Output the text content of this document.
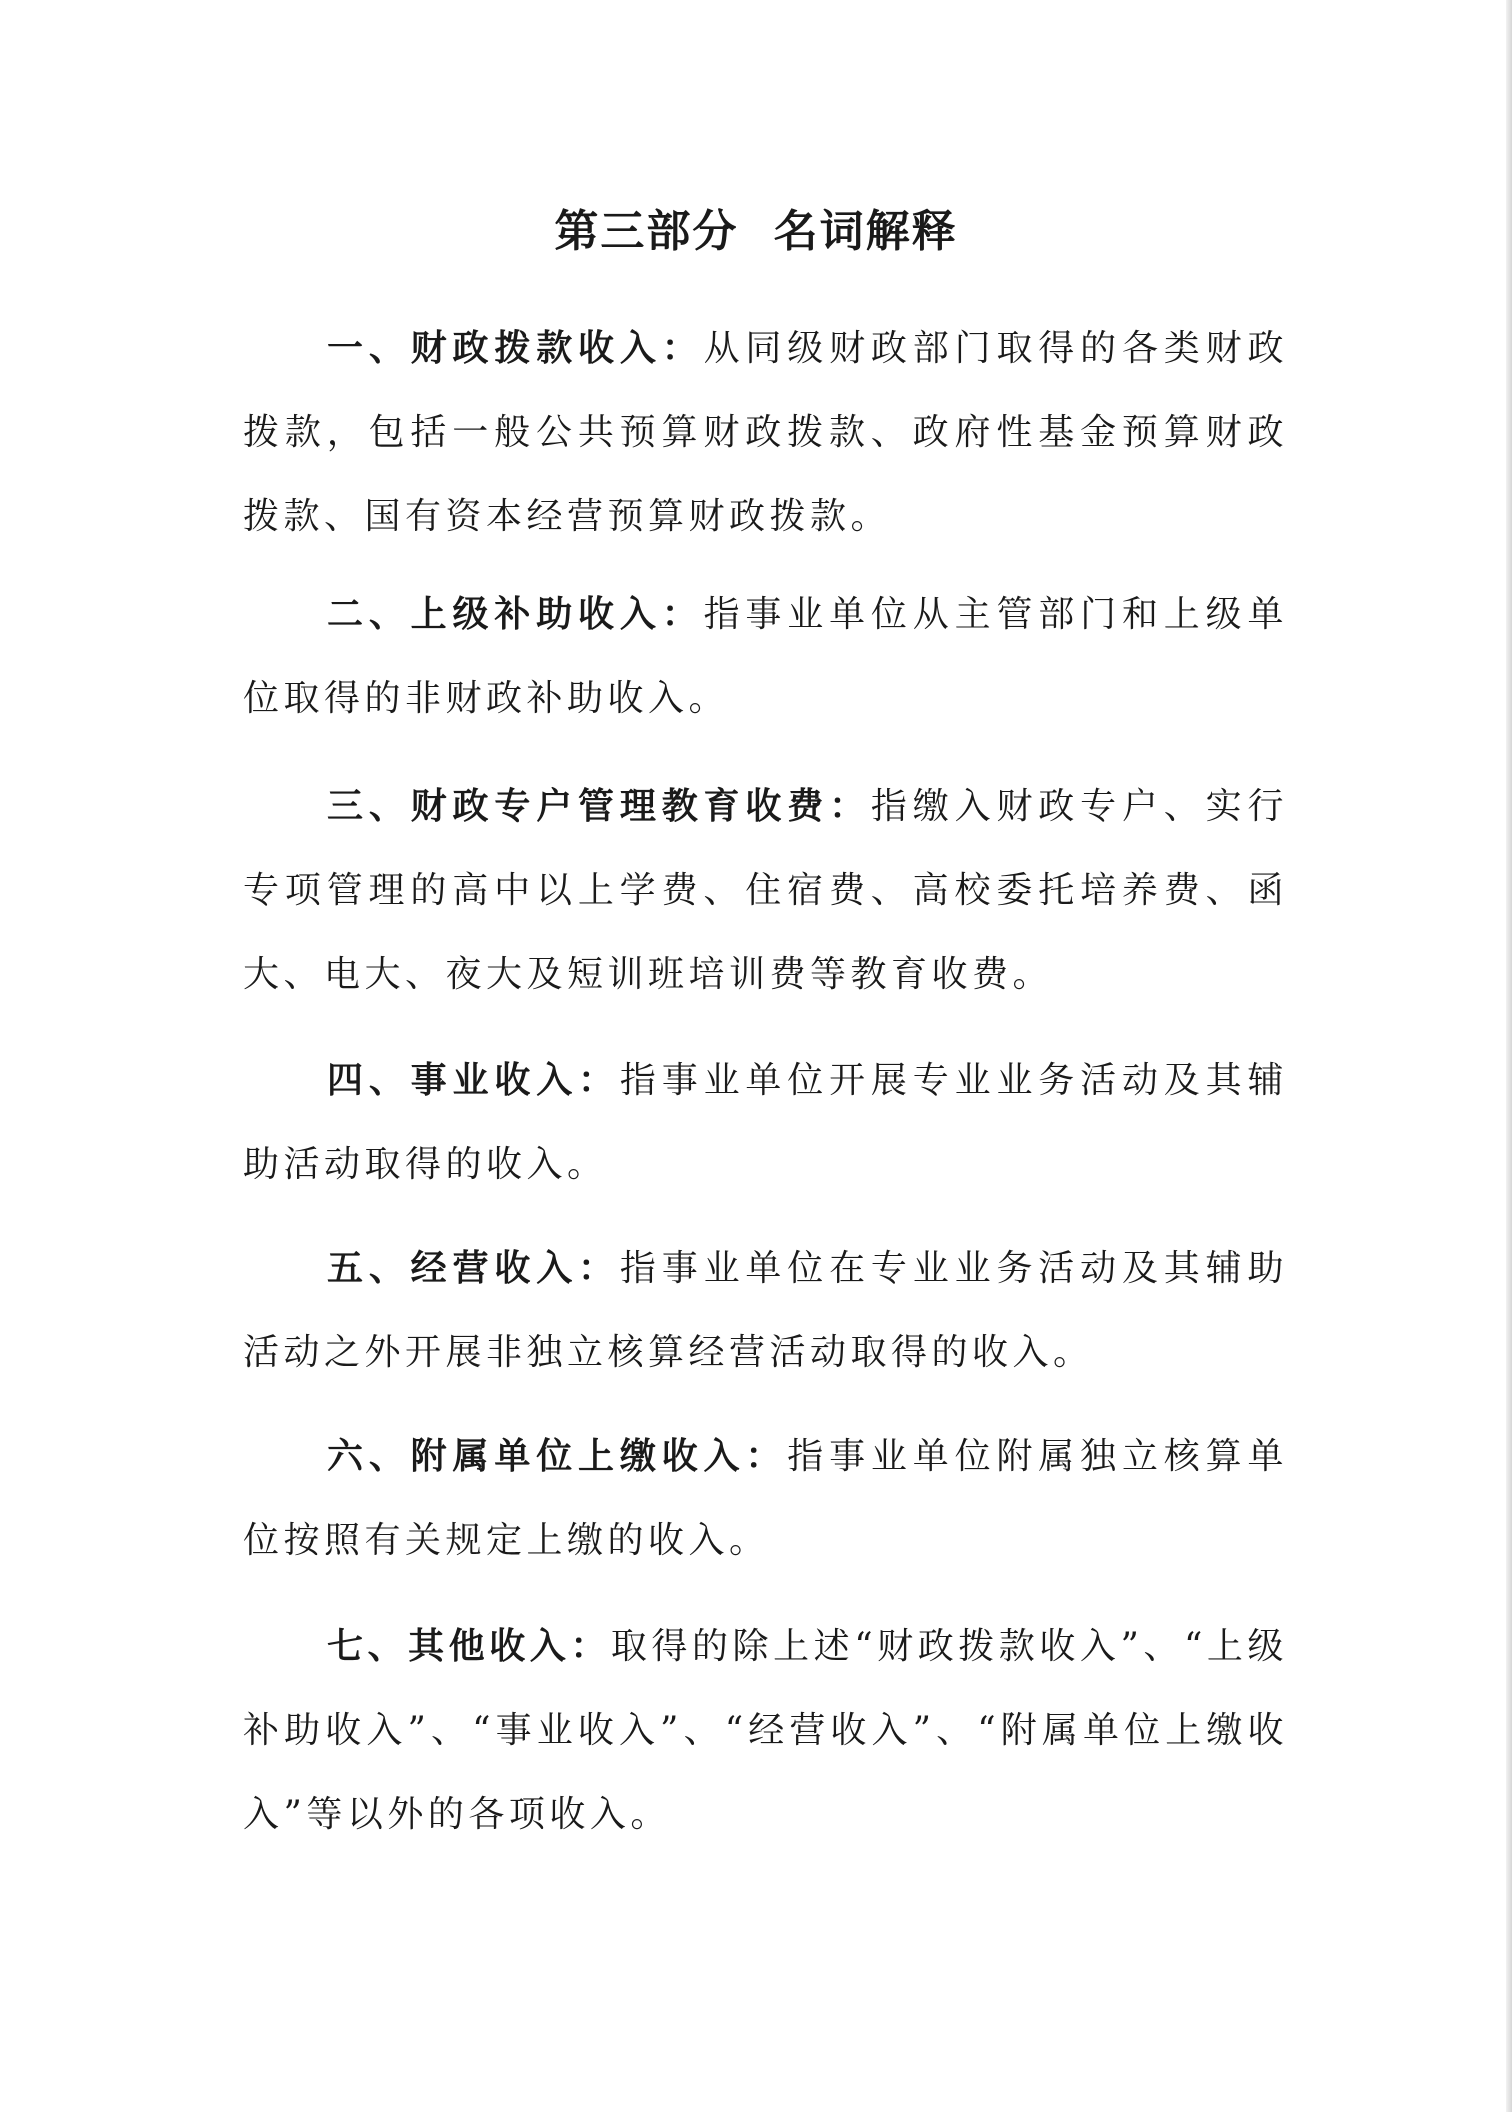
第三部分 名词解释

一、财政拨款收入：从同级财政部门取得的各类财政拨款，包括一般公共预算财政拨款、政府性基金预算财政拨款、国有资本经营预算财政拨款。

二、上级补助收入：指事业单位从主管部门和上级单位取得的非财政补助收入。

三、财政专户管理教育收费：指缴入财政专户、实行专项管理的高中以上学费、住宿费、高校委托培养费、函大、电大、夜大及短训班培训费等教育收费。

四、事业收入：指事业单位开展专业业务活动及其辅助活动取得的收入。

五、经营收入：指事业单位在专业业务活动及其辅助活动之外开展非独立核算经营活动取得的收入。

六、附属单位上缴收入：指事业单位附属独立核算单位按照有关规定上缴的收入。

七、其他收入：取得的除上述“财政拨款收入”、“上级补助收入”、“事业收入”、“经营收入”、“附属单位上缴收入”等以外的各项收入。
